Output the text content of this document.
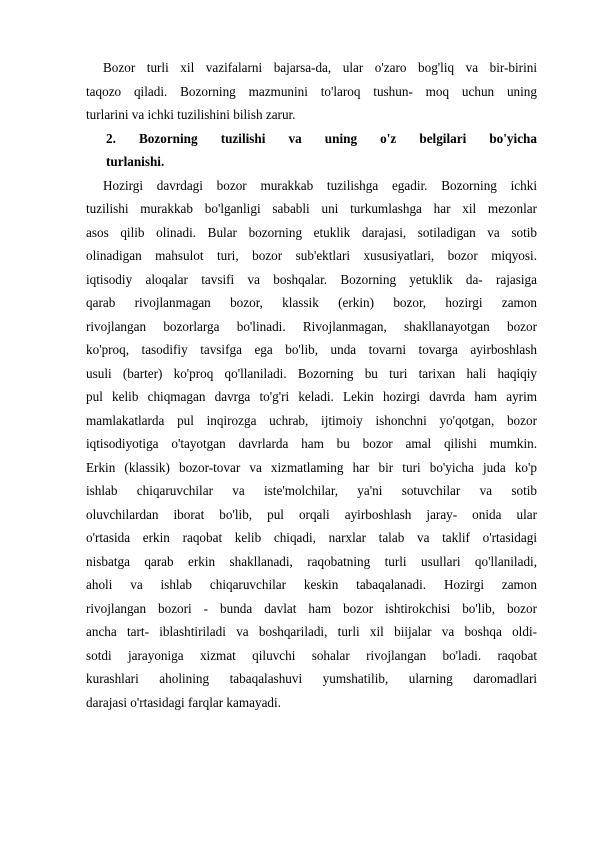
Bozor turli xil vazifalarni bajarsa-da, ular o'zaro bog'liq va bir-birini
taqozo qiladi. Bozorning mazmunini to'laroq tushun- moq uchun uning
turlarini va ichki tuzilishini bilish zarur.
2. Bozorning tuzilishi va uning o'z belgilari bo'yicha
turlanishi.
Hozirgi davrdagi bozor murakkab tuzilishga egadir. Bozorning ichki
tuzilishi murakkab bo'lganligi sababli uni turkumlashga har xil mezonlar
asos qilib olinadi. Bular bozorning etuklik darajasi, sotiladigan va sotib
olinadigan mahsulot turi, bozor sub'ektlari xususiyatlari, bozor miqyosi.
iqtisodiy aloqalar tavsifi va boshqalar. Bozorning yetuklik da- rajasiga
qarab rivojlanmagan bozor, klassik (erkin) bozor, hozirgi zamon
rivojlangan bozorlarga bo'linadi. Rivojlanmagan, shakllanayotgan bozor
ko'proq, tasodifiy tavsifga ega bo'lib, unda tovarni tovarga ayirboshlash
usuli (barter) ko'proq qo'llaniladi. Bozorning bu turi tarixan hali haqiqiy
pul kelib chiqmagan davrga to'g'ri keladi. Lekin hozirgi davrda ham ayrim
mamlakatlarda pul inqirozga uchrab, ijtimoiy ishonchni yo'qotgan, bozor
iqtisodiyotiga o'tayotgan davrlarda ham bu bozor amal qilishi mumkin.
Erkin (klassik) bozor-tovar va xizmatlaming har bir turi bo'yicha juda ko'p
ishlab chiqaruvchilar va iste'molchilar, ya'ni sotuvchilar va sotib
oluvchilardan iborat bo'lib, pul orqali ayirboshlash jaray- onida ular
o'rtasida erkin raqobat kelib chiqadi, narxlar talab va taklif o'rtasidagi
nisbatga qarab erkin shakllanadi, raqobatning turli usullari qo'llaniladi,
aholi va ishlab chiqaruvchilar keskin tabaqalanadi. Hozirgi zamon
rivojlangan bozori - bunda davlat ham bozor ishtirokchisi bo'lib, bozor
ancha tart- iblashtiriladi va boshqariladi, turli xil biijalar va boshqa oldi-
sotdi jarayoniga xizmat qiluvchi sohalar rivojlangan bo'ladi. raqobat
kurashlari aholining tabaqalashuvi yumshatilib, ularning daromadlari
darajasi o'rtasidagi farqlar kamayadi.
